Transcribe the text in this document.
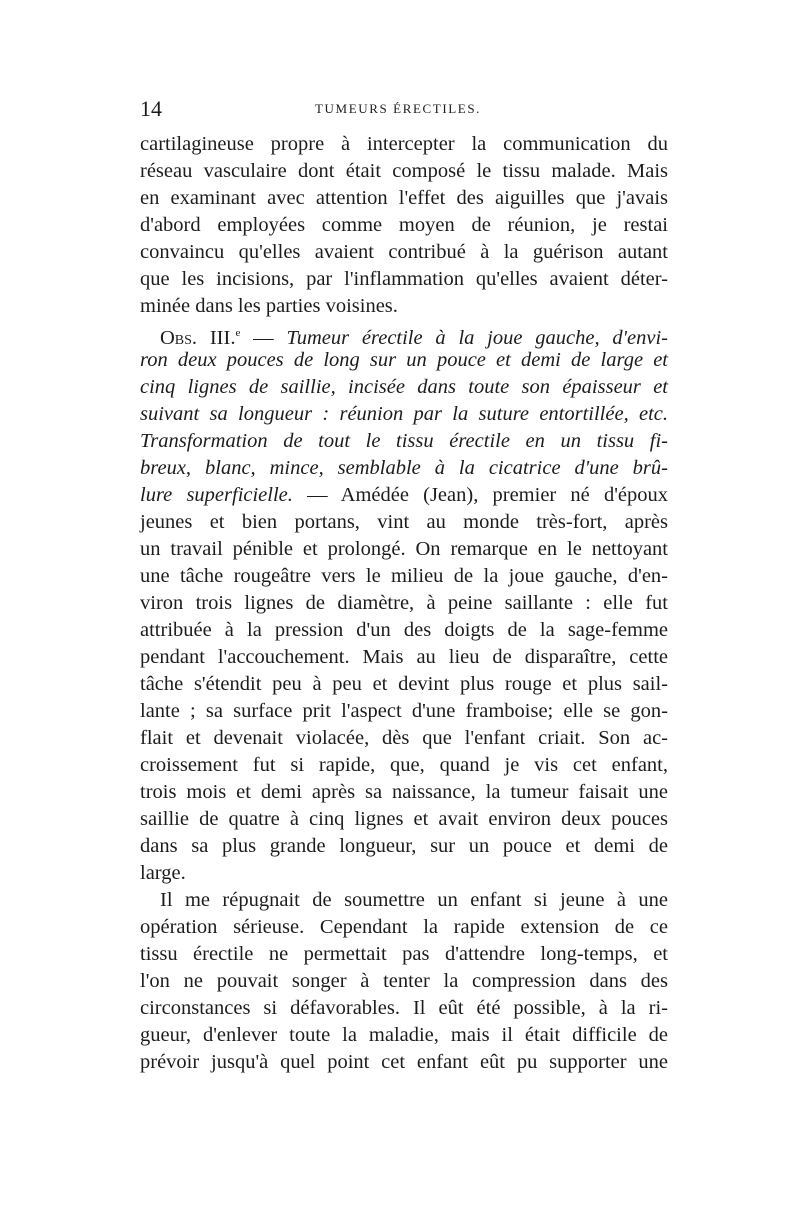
14	TUMEURS ÉRECTILES.
cartilagineuse propre à intercepter la communication du
réseau vasculaire dont était composé le tissu malade. Mais
en examinant avec attention l'effet des aiguilles que j'avais
d'abord employées comme moyen de réunion, je restai
convaincu qu'elles avaient contribué à la guérison autant
que les incisions, par l'inflammation qu'elles avaient déter-
minée dans les parties voisines.
Obs. III.$^e$ — Tumeur érectile à la joue gauche, d'envi-
ron deux pouces de long sur un pouce et demi de large et
cinq lignes de saillie, incisée dans toute son épaisseur et
suivant sa longueur : réunion par la suture entortillée, etc.
Transformation de tout le tissu érectile en un tissu fi-
breux, blanc, mince, semblable à la cicatrice d'une brû-
lure superficielle. — Amédée (Jean), premier né d'époux
jeunes et bien portans, vint au monde très-fort, après
un travail pénible et prolongé. On remarque en le nettoyant
une tâche rougeâtre vers le milieu de la joue gauche, d'en-
viron trois lignes de diamètre, à peine saillante : elle fut
attribuée à la pression d'un des doigts de la sage-femme
pendant l'accouchement. Mais au lieu de disparaître, cette
tâche s'étendit peu à peu et devint plus rouge et plus sail-
lante ; sa surface prit l'aspect d'une framboise; elle se gon-
flait et devenait violacée, dès que l'enfant criait. Son ac-
croissement fut si rapide, que, quand je vis cet enfant,
trois mois et demi après sa naissance, la tumeur faisait une
saillie de quatre à cinq lignes et avait environ deux pouces
dans sa plus grande longueur, sur un pouce et demi de
large.
Il me répugnait de soumettre un enfant si jeune à une
opération sérieuse. Cependant la rapide extension de ce
tissu érectile ne permettait pas d'attendre long-temps, et
l'on ne pouvait songer à tenter la compression dans des
circonstances si défavorables. Il eût été possible, à la ri-
gueur, d'enlever toute la maladie, mais il était difficile de
prévoir jusqu'à quel point cet enfant eût pu supporter une
